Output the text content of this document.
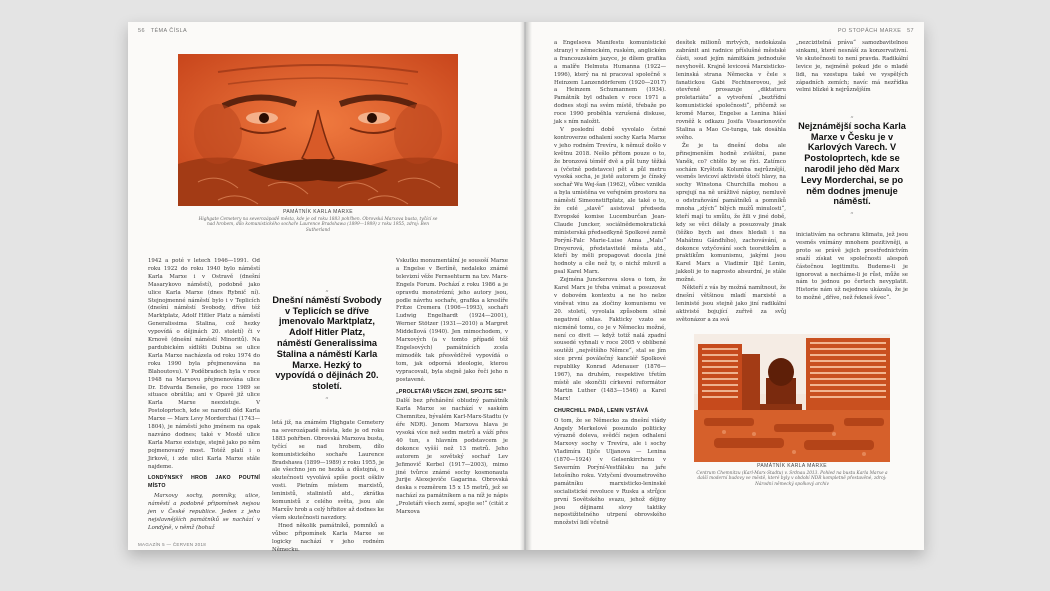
56 TÉMA ČÍSLA
PAMÁTNÍK KARLA MARXE
Highgate Cemetery na severozápadě města, kde je od roku 1883 pohřben. Obrovská Marxova busta, tyčící se nad hrobem, dílo komunistického sochaře Laurence Bradshawa (1899—1989) z roku 1955, zdroj: Ben Sutherland

1942 a poté v letech 1946—1991. Od roku 1922 do roku 1940 bylo náměstí Karla Marxe i v Ostravě (dnešní Masarykovo náměstí), podobně jako ulice Karla Marxe (dnes Rybnič ní). Stejnojmenné náměstí bylo i v Teplicích (dnešní náměstí Svobody, dříve též Marktplatz, Adolf Hitler Platz a náměstí Generalissima Stalina, což hezky vypovídá o dějinách 20. století) či v Krnově (dnešní náměstí Minoritů). Na pardubickém sídlišti Dubina se ulice Karla Marxe nacházela od roku 1974 do roku 1990 byla přejmenována na Blahoutovu). V Poděbradech byla v roce 1948 na Marxovu přejmenována ulice Dr. Edvarda Beneše, po roce 1989 se situace obrátila; ani v Opavě již ulice Karla Marxe neexistuje. V Postoloprtech, kde se narodil děd Karla Marxe — Marx Levy Morderchai (1743—1804), je náměstí jeho jménem na opak nazváno dodnes; také v Mostě ulice Karla Marxe existuje, stejně jako po něm pojmenovaný most. Totéž platí i o Jirkově, i zde ulici Karla Marxe stále najdeme.

LONDÝNSKÝ HROB JAKO POUTNÍ MÍSTO

Marxovy sochy, pomníky, ulice, náměstí a podobně připomínek nejsou jen v České republice. Jeden z jeho nejslavnějších památníků se nachází v Londýně, v němž (bohuž

„
Dnešní náměstí Svobody v Teplicích se dříve jmenovalo Marktplatz, Adolf Hitler Platz, náměstí Generalissima Stalina a náměstí Karla Marxe. Hezký to vypovídá o dějinách 20. století.
“

letá již, na známém Highgate Cemetery na severozápadě města, kde je od roku 1883 pohřben. Obrovská Marxova busta, tyčící se nad hrobem, dílo komunistického sochaře Laurence Bradshawa (1899—1989) z roku 1955, je ale všechno jen ne hezká a důstojná, o skutečnosti vyvolává spíše pocit oškliv vosti. Pietním místem marxistů, leninistů, stalinistů atd., zkrátka komunistů z celého světa, jsou ale Marxův hrob a celý hřbitov až dodnes ke všem skutečnosti navzdory.

Hned několik památníků, pomníků a vůbec připomínek Karla Marxe se logicky nachází v jeho rodném Německu.

Vskutku monumentální je sousoší Marxe a Engelse v Berlíně, nedaleko známé televizní věže Fernsehturm na tzv. Marx-Engels Forum. Pochází z roku 1986 a je opravdu monstrózní; jeho autory jsou, podle návrhu sochaře, grafika a kreslíře Fritze Cremera (1906—1993), sochaři Ludwig Engelhardt (1924—2001), Werner Stötzer (1931—2010) a Margret Middellová (1940). Jen mimochodem, v Marxových (a v tomto případě též Engelsových) památnících zcela mimoděk tak přesvědčivě vypovídá o tom, jak odporná ideologie, kterou vypracovali, byla stejně jako řeči jeho n postavené.

„PROLETÁŘI VŠECH ZEMÍ, SPOJTE SE!“

Další bez přehánění obludný památník Karla Marxe se nachází v saském Chemnitzu, bývalém Karl-Marx-Stadtu (v éře NDR). Jenom Marxova hlava je vysoká více než sedm metrů a váží přes 40 tun, s hlavním podstavcem je dokonce vyšší než 13 metrů. Jeho autorem je sovětský sochař Lev Jefimovič Kerbel (1917—2003), mimo jiné tvůrce známé sochy kosmonauta Jurije Alexejeviče Gagarina. Obrovská deska s rozměrem 15 x 15 metrů, jež se nachází za památníkem a na níž je nápis „Proletáři všech zemí, spojte se!“ (citát z Marxova

MAGAZÍN 5 — ČERVEN 2018
PO STOPÁCH MARXE 57

a Engelsova Manifestu komunistické strany) v německém, ruském, anglickém a francouzském jazyce, je dílem grafika a malíře Helmuta Humanna (1922—1996), který na ni pracoval společně s Heinzem Lanzendörferem (1920—2017) a Heinzem Schumannem (1934). Památník byl odhalen v roce 1971 a dodnes stojí na svém místě, třebaže po roce 1990 proběhla vzrušená diskuse, jak s ním naložit.

V poslední době vyvolalo četné kontroverze odhalení sochy Karla Marxe v jeho rodném Trevíru, k němuž došlo v květnu 2018. Nešlo přitom pouze o to, že bronzová téměř dvě a půl tuny těžká a (včetně podstavce) pět a půl metru vysoká socha, je jistě autorem je čínský sochař Wu Wej-šan (1962), vůbec vznikla a byla umístěna ve veřejném prostoru na náměstí Simeonstiftplatz, ale také o to, že celé „slavě“ asistoval předseda Evropské komise Lucemburčan Jean-Claude Juncker, sociálnědemokratická ministerská předsedkyně Spolkové země Porýní-Falc Marie-Luise Anna „Malu“ Dreyerová, představitelé města atd., kteří by měli propagovat docela jiné hodnoty a cíle než ty, o nichž mluvil a psal Karel Marx.

Zejména Junckerova slova o tom, že Karel Marx je třeba vnímat a posuzovat v dobovém kontextu a ne ho nelze viněvat vinu za zločiny komunismu ve 20. století, vyvolala způsobem silné negativní ohlas. Fakticky vzato se nicméně tomu, co je v Německu možné, není co divit — když totiž nalá zpadní sousedé vyhnali v roce 2005 v oblíbené soutěži „největšího Němce“, stal se jím sice první poválečný kancléř Spolkové republiky Konrad Adenauer (1876—1967), na druhém, respektive třetím místě ale skončili církevní reformátor Martin Luther (1483—1546) a Karel Marx!

CHURCHILL PADÁ, LENIN VSTÁVÁ

O tom, že se Německo za dnešní vlády Angely Merkelové posunulo politicky výrazně doleva, svědčí nejen odhalení Marxovy sochy v Trevíru, ale i sochy Vladimíra Iljiče Uljanova — Lenina (1870—1924) v Gelsenkirchenu v Severním Porýní-Vestfálsku na jaře letošního roku. Vztyčení dvoumetrového památníku marxisticko-leninské socialistické revoluce v Rusku a strůjce první Sovětského svazu, jehož dějiny jsou dějinami slovy taktiky nepostižitelného utrpení obrovského množství lidí včetně

desítek milionů mrtvých, nedokázala zabránit ani radnice příslušné městské části, soud jejím námitkám jednoduše nevyhověl. Krajně levicová Marxisticko-leninská strana Německa v čele s fanatickou Gabi Fechtnerovou, jež otevřeně prosazuje „diktaturu proletariátu“ a vytvoření „beztřídní komunistické společnosti“, přičemž se kromě Marxe, Engelse a Lenina hlásí rovněž k odkazu Josifa Vissarionoviče Stalina a Mao Ce-tunga, tak dosáhla svého.

Že je ta dnešní doba ale přinejmenším hodně zvláštní, pane Vaněk, co? chtělo by se říci. Zatímco sochám Kryštofa Kolumba nejrůznější, vesměs levicoví aktivisté útočí hlavy, na sochy Winstona Churchilla mohou a sprejují na ně urážlivé nápisy, nemluvě o odstraňování památníků a pomníků mnoha „zlých“ bílých mužů minulosti“, kteří mají tu smůlu, že žili v jiné době, kdy se věci dělaly a posuzovaly jinak (těžko bych asi dnes hledali i na Mahátmu Gándhího), zachovávání, a dokonce vztyčování soch teoretikům a praktikům komunismu, jakými jsou Karel Marx a Vladimír Iljič Lenin, jakkoli je to naprosto absurdní, je stále možné.

Někteří z vás by možná namítnout, že dnešní většinou mladí marxisté a leninisté jsou stejně jako jiní radikální aktivisté bojující zuřivě za svůj světonázor a za svá

„nezcizitelná práva“ samozbavitelnou sinkami, které nesnáší za konzervativní. Ve skutečnosti to není pravda. Radikální levice je, nejméně pokud jde o mladé lidi, na vzestupu také ve vyspělých západních zemích; navíc má nezřídka velmi blízké k nejrůznějším

„
Nejznámější socha Karla Marxe v Česku je v Karlových Varech. V Postoloprtech, kde se narodil jeho děd Marx Levy Morderchai, se po něm dodnes jmenuje náměstí.
“

iniciativám na ochranu klimatu, jež jsou vesměs vnímány mnohem pozitivněji, a proto se právě jejich prostřednictvím snaží získat ve společnosti alespoň částečnou legitimitu. Budeme-li je ignorovat a necháme-li je růst, může se nám to jednou po čertech nevyplatit. Historie nám už nejednou ukázala, že je to možné „dříve, než řekneš švec“.

PAMÁTNÍK KARLA MARXE
Centrum Chemnitzu (Karl-Marx-Stadtu) v. Srdnau 2013. Pohled na bustu Karla Marxe a další moderní budovy ve městě, které byly v období NDR kompletně přestavěné, zdroj: Národní německý spolkový archiv
